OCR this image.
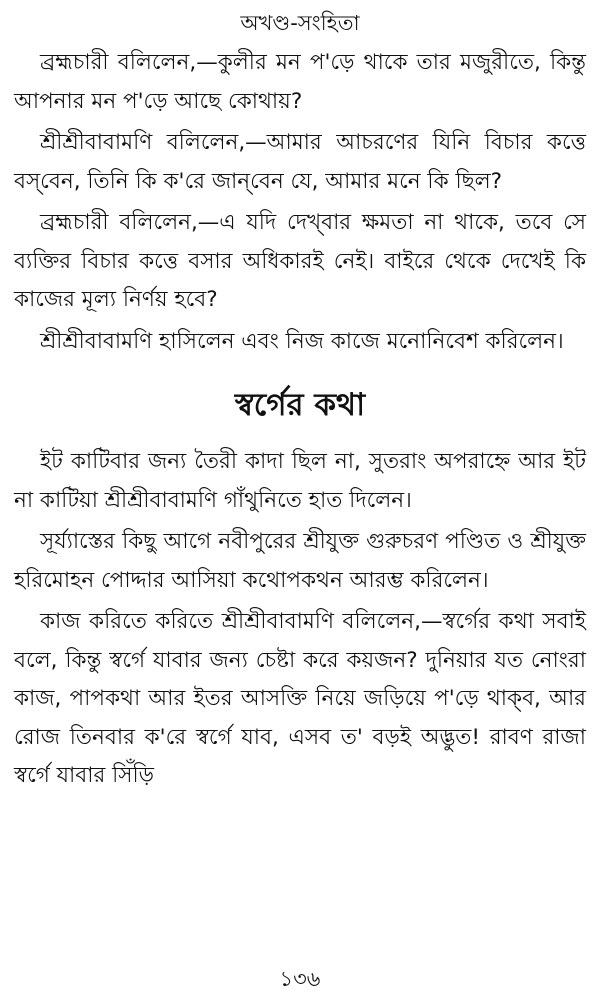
অখণ্ড-সংহিতা

ব্রহ্মচারী বলিলেন,—কুলীর মন প'ড়ে থাকে তার মজুরীতে, কিন্তু আপনার মন প'ড়ে আছে কোথায়?

শ্রীশ্রীবাবামণি বলিলেন,—আমার আচরণের যিনি বিচার কত্তে বস্‌বেন, তিনি কি ক'রে জান্‌বেন যে, আমার মনে কি ছিল?

ব্রহ্মচারী বলিলেন,—এ যদি দেখ্‌বার ক্ষমতা না থাকে, তবে সে ব্যক্তির বিচার কত্তে বসার অধিকারই নেই। বাইরে থেকে দেখেই কি কাজের মূল্য নির্ণয় হবে?

শ্রীশ্রীবাবামণি হাসিলেন এবং নিজ কাজে মনোনিবেশ করিলেন।

স্বর্গের কথা

ইট কাটিবার জন্য তৈরী কাদা ছিল না, সুতরাং অপরাহ্নে আর ইট না কাটিয়া শ্রীশ্রীবাবামণি গাঁথুনিতে হাত দিলেন।

সূর্য্যাস্তের কিছু আগে নবীপুরের শ্রীযুক্ত গুরুচরণ পণ্ডিত ও শ্রীযুক্ত হরিমোহন পোদ্দার আসিয়া কথোপকথন আরম্ভ করিলেন।

কাজ করিতে করিতে শ্রীশ্রীবাবামণি বলিলেন,—স্বর্গের কথা সবাই বলে, কিন্তু স্বর্গে যাবার জন্য চেষ্টা করে কয়জন? দুনিয়ার যত নোংরা কাজ, পাপকথা আর ইতর আসক্তি নিয়ে জড়িয়ে প'ড়ে থাক্‌ব, আর রোজ তিনবার ক'রে স্বর্গে যাব, এসব ত' বড়ই অদ্ভুত! রাবণ রাজা স্বর্গে যাবার সিঁড়ি

১৩৬
